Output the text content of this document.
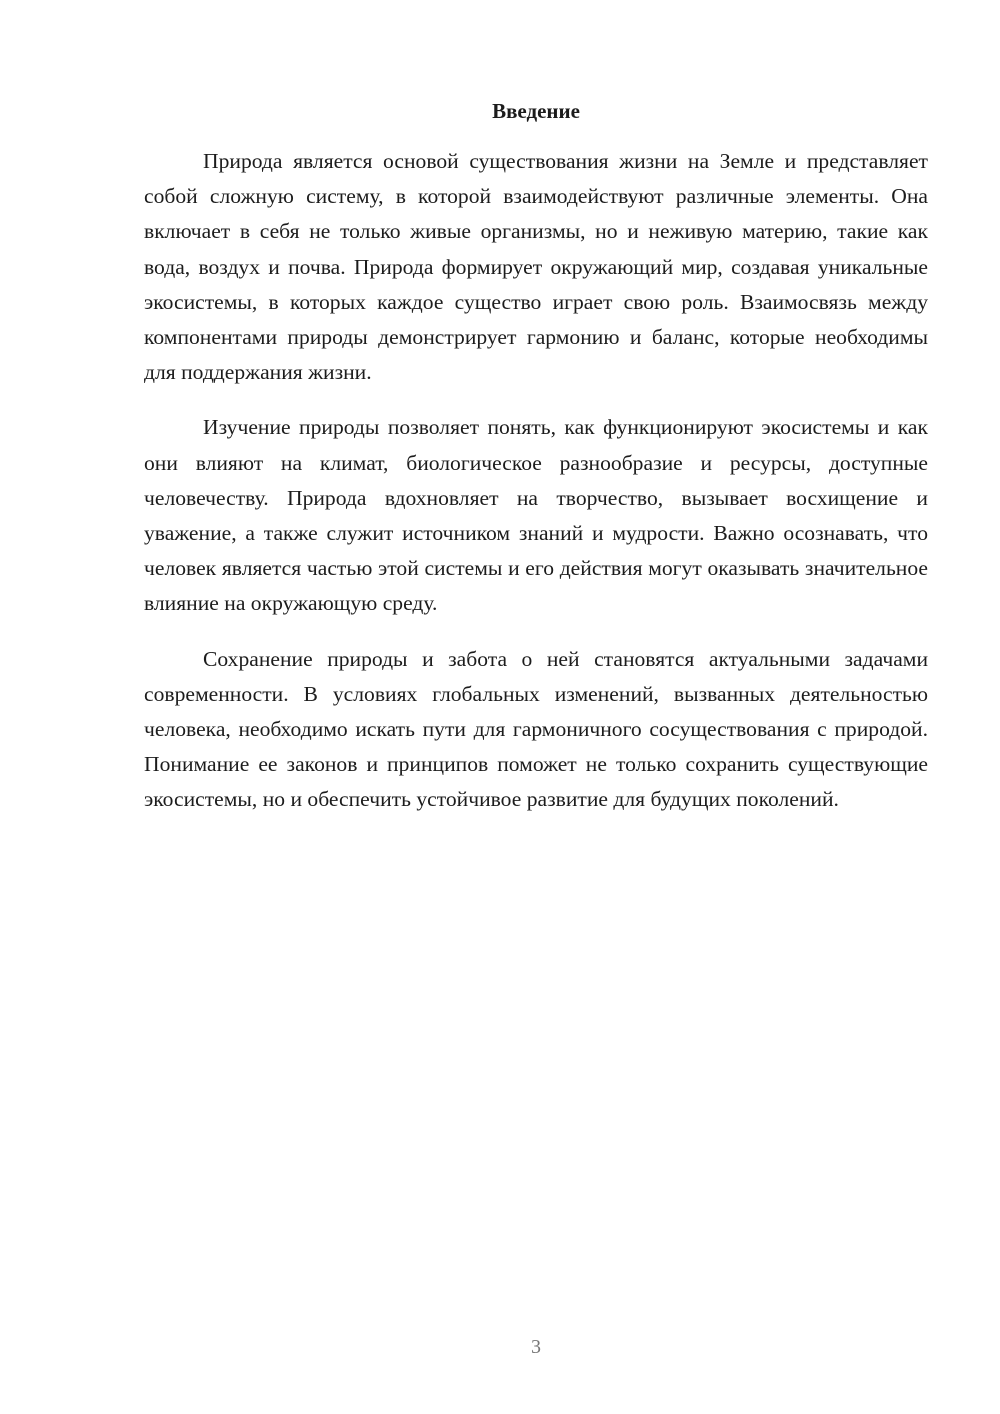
Введение

Природа является основой существования жизни на Земле и представляет собой сложную систему, в которой взаимодействуют различные элементы. Она включает в себя не только живые организмы, но и неживую материю, такие как вода, воздух и почва. Природа формирует окружающий мир, создавая уникальные экосистемы, в которых каждое существо играет свою роль. Взаимосвязь между компонентами природы демонстрирует гармонию и баланс, которые необходимы для поддержания жизни.

Изучение природы позволяет понять, как функционируют экосистемы и как они влияют на климат, биологическое разнообразие и ресурсы, доступные человечеству. Природа вдохновляет на творчество, вызывает восхищение и уважение, а также служит источником знаний и мудрости. Важно осознавать, что человек является частью этой системы и его действия могут оказывать значительное влияние на окружающую среду.

Сохранение природы и забота о ней становятся актуальными задачами современности. В условиях глобальных изменений, вызванных деятельностью человека, необходимо искать пути для гармоничного сосуществования с природой. Понимание ее законов и принципов поможет не только сохранить существующие экосистемы, но и обеспечить устойчивое развитие для будущих поколений.

3
